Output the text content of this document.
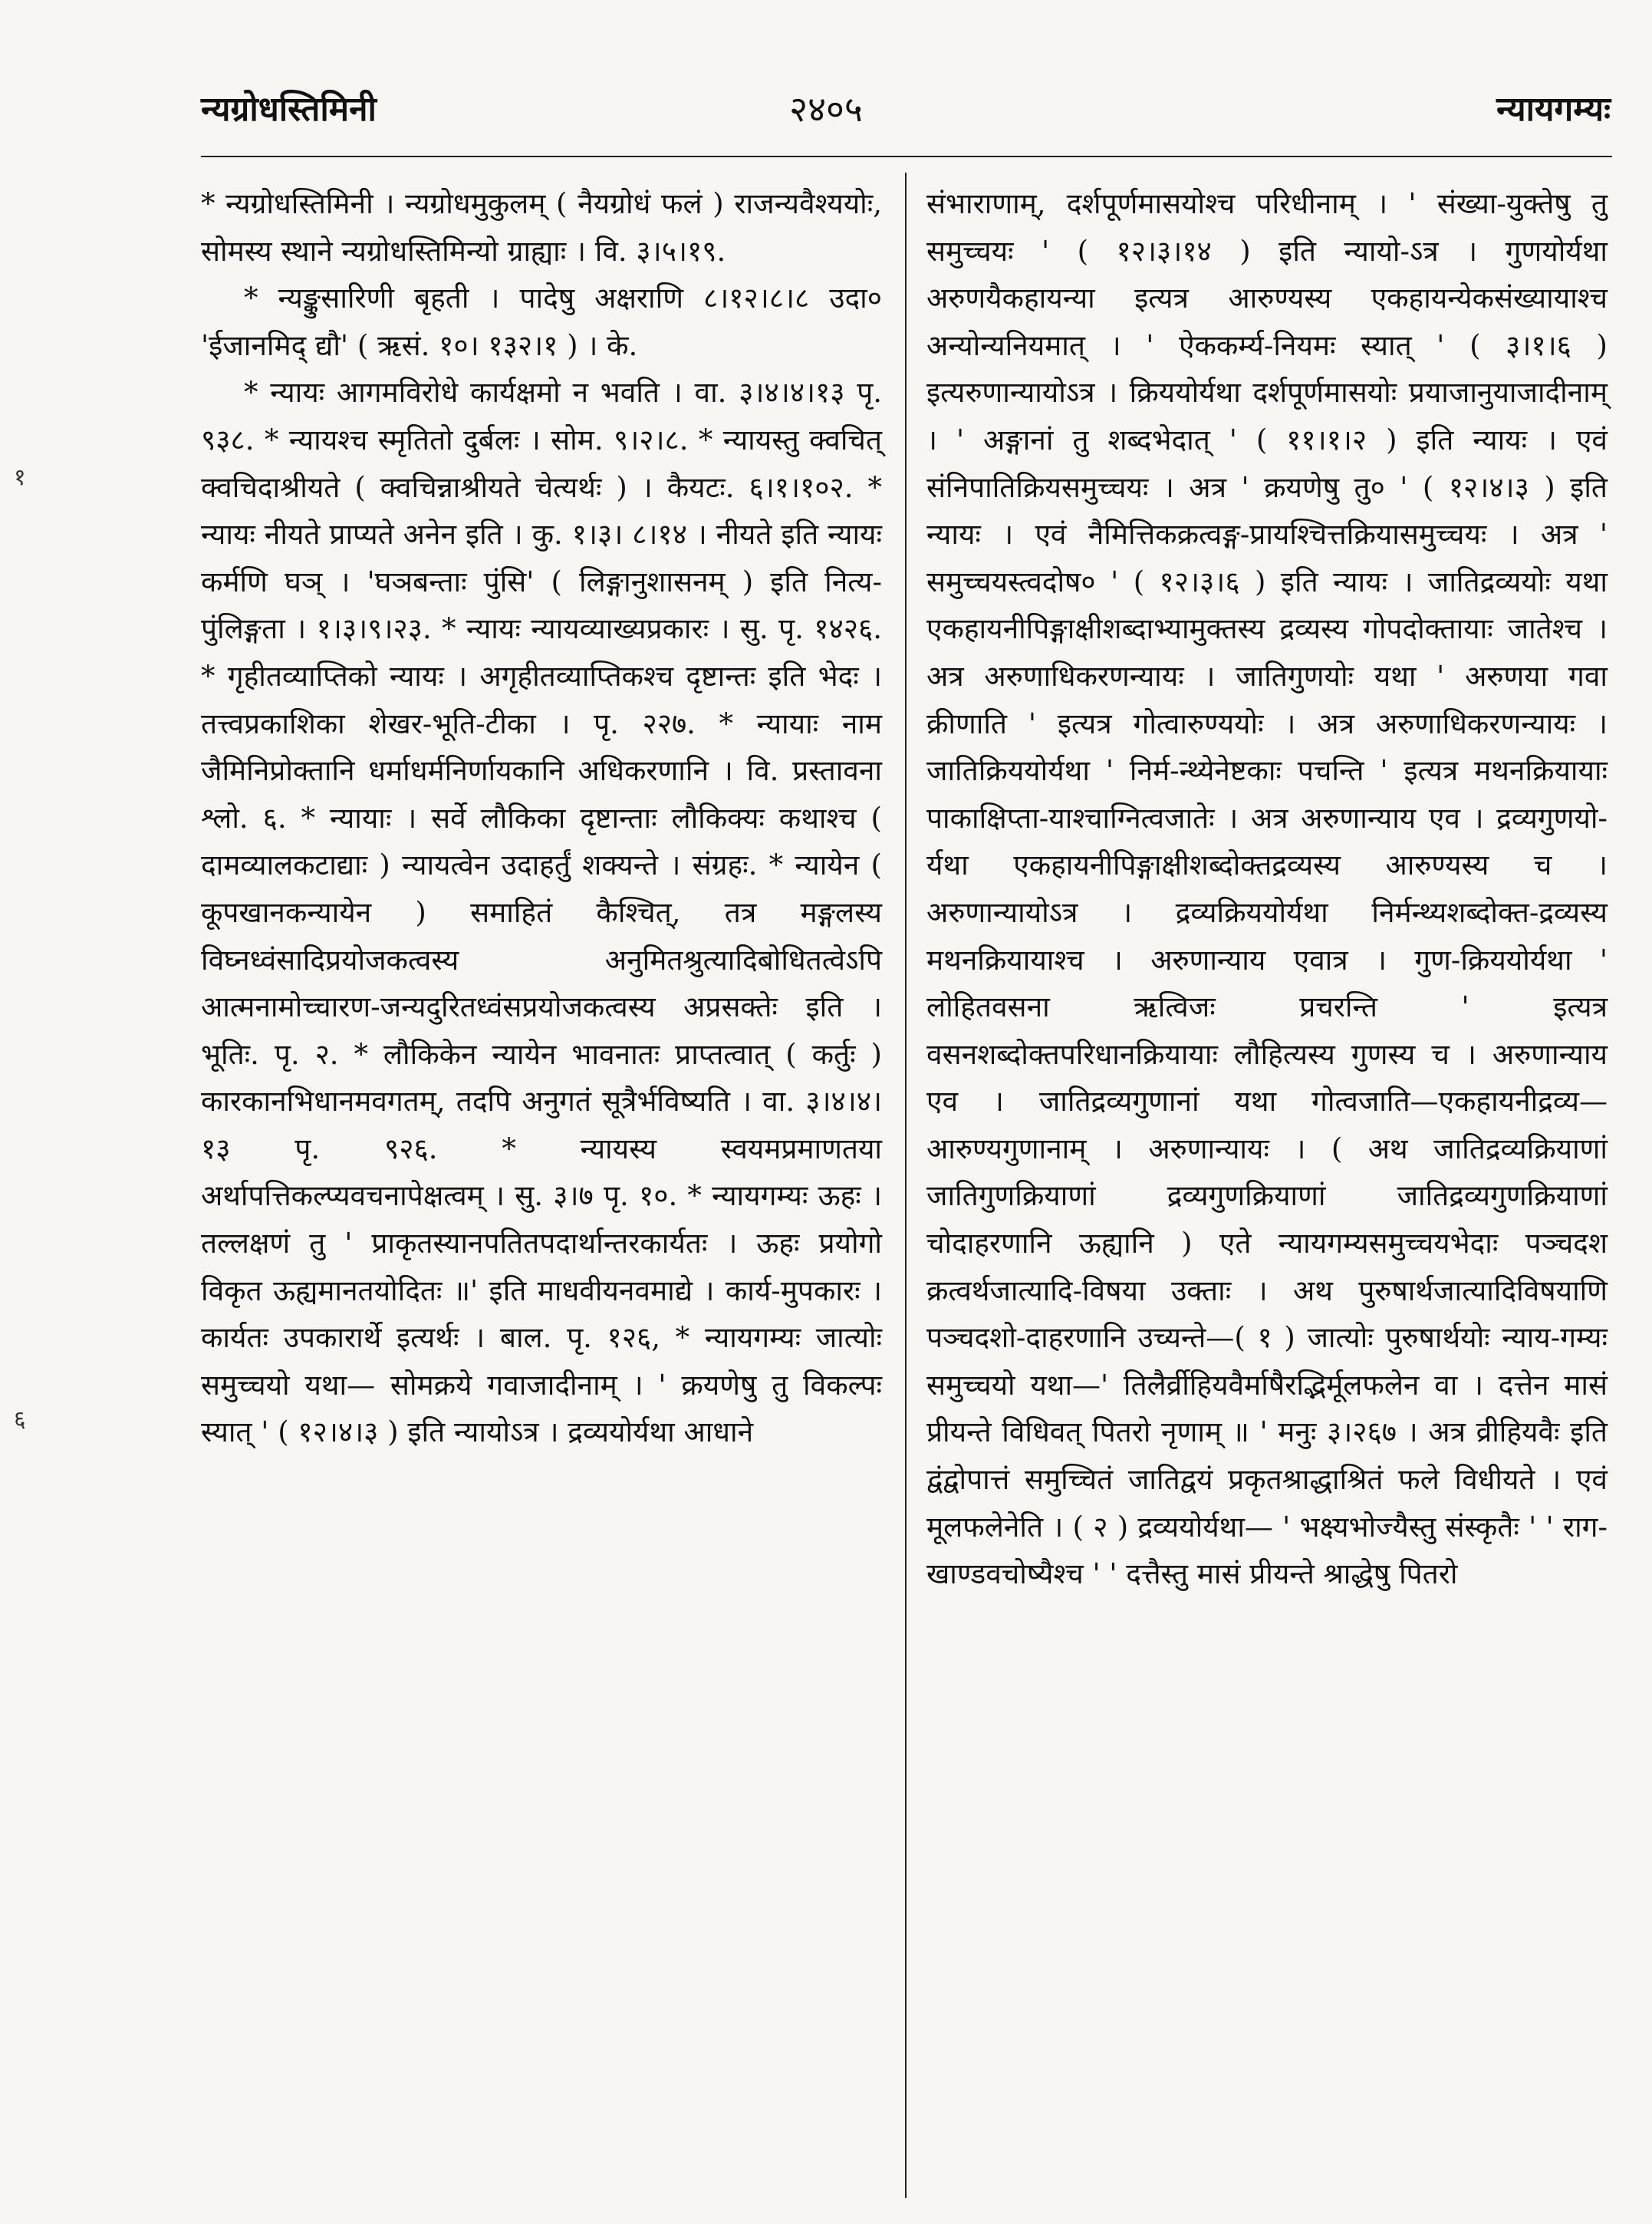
न्यग्रोधस्तिमिनी	२४०५	न्यायगम्यः
१
६

* न्यग्रोधस्तिमिनी । न्यग्रोधमुकुलम् ( नैयग्रोधं फलं ) राजन्यवैश्ययोः, सोमस्य स्थाने न्यग्रोधस्तिमिन्यो ग्राह्याः । वि. ३।५।१९.

* न्यङ्कुसारिणी बृहती । पादेषु अक्षराणि ८।१२।८।८ उदा० 'ईजानमिद् द्यौ' ( ऋसं. १०। १३२।१ ) । के.

* न्यायः आगमविरोधे कार्यक्षमो न भवति । वा. ३।४।४।१३ पृ. ९३८. * न्यायश्च स्मृतितो दुर्बलः । सोम. ९।२।८. * न्यायस्तु क्वचित् क्वचिदाश्रीयते ( क्वचिन्नाश्रीयते चेत्यर्थः ) । कैयटः. ६।१।१०२. * न्यायः नीयते प्राप्यते अनेन इति । कु. १।३। ८।१४ । नीयते इति न्यायः कर्मणि घञ् । 'घञबन्ताः पुंसि' ( लिङ्गानुशासनम् ) इति नित्य-पुंलिङ्गता । १।३।९।२३. * न्यायः न्यायव्याख्यप्रकारः । सु. पृ. १४२६. * गृहीतव्याप्तिको न्यायः । अगृहीतव्याप्तिकश्च दृष्टान्तः इति भेदः । तत्त्वप्रकाशिका शेखर-भूति-टीका । पृ. २२७. * न्यायाः नाम जैमिनिप्रोक्तानि धर्माधर्मनिर्णायकानि अधिकरणानि । वि. प्रस्तावना श्लो. ६. * न्यायाः । सर्वे लौकिका दृष्टान्ताः लौकिक्यः कथाश्च ( दामव्यालकटाद्याः ) न्यायत्वेन उदाहर्तुं शक्यन्ते । संग्रहः. * न्यायेन ( कूपखानकन्यायेन ) समाहितं कैश्चित्, तत्र मङ्गलस्य विघ्नध्वंसादिप्रयोजकत्वस्य अनुमितश्रुत्यादिबोधितत्वेऽपि आत्मनामोच्चारण-जन्यदुरितध्वंसप्रयोजकत्वस्य अप्रसक्तेः इति । भूतिः. पृ. २. * लौकिकेन न्यायेन भावनातः प्राप्तत्वात् ( कर्तुः ) कारकानभिधानमवगतम्, तदपि अनुगतं सूत्रैर्भविष्यति । वा. ३।४।४।१३ पृ. ९२६. * न्यायस्य स्वयमप्रमाणतया अर्थापत्तिकल्प्यवचनापेक्षत्वम् । सु. ३।७ पृ. १०. * न्यायगम्यः ऊहः । तल्लक्षणं तु ' प्राकृतस्यानपतितपदार्थान्तरकार्यतः । ऊहः प्रयोगो विकृत ऊह्यमानतयोदितः ॥' इति माधवीयनवमाद्ये । कार्य-मुपकारः । कार्यतः उपकारार्थे इत्यर्थः । बाल. पृ. १२६, * न्यायगम्यः जात्योः समुच्चयो यथा— सोमक्रये गवाजादीनाम् । ' क्रयणेषु तु विकल्पः स्यात् ' ( १२।४।३ ) इति न्यायोऽत्र । द्रव्ययोर्यथा आधाने

संभाराणाम्, दर्शपूर्णमासयोश्च परिधीनाम् । ' संख्या-युक्तेषु तु समुच्चयः ' ( १२।३।१४ ) इति न्यायो-ऽत्र । गुणयोर्यथा अरुणयैकहायन्या इत्यत्र आरुण्यस्य एकहायन्येकसंख्यायाश्च अन्योन्यनियमात् । ' ऐककर्म्य-नियमः स्यात् ' ( ३।१।६ ) इत्यरुणान्यायोऽत्र । क्रिययोर्यथा दर्शपूर्णमासयोः प्रयाजानुयाजादीनाम् । ' अङ्गानां तु शब्दभेदात् ' ( ११।१।२ ) इति न्यायः । एवं संनिपातिक्रियसमुच्चयः । अत्र ' क्रयणेषु तु० ' ( १२।४।३ ) इति न्यायः । एवं नैमित्तिकक्रत्वङ्ग-प्रायश्चित्तक्रियासमुच्चयः । अत्र ' समुच्चयस्त्वदोष० ' ( १२।३।६ ) इति न्यायः । जातिद्रव्ययोः यथा एकहायनीपिङ्गाक्षीशब्दाभ्यामुक्तस्य द्रव्यस्य गोपदोक्तायाः जातेश्च । अत्र अरुणाधिकरणन्यायः । जातिगुणयोः यथा ' अरुणया गवा क्रीणाति ' इत्यत्र गोत्वारुण्ययोः । अत्र अरुणाधिकरणन्यायः । जातिक्रिययोर्यथा ' निर्म-न्थ्येनेष्टकाः पचन्ति ' इत्यत्र मथनक्रियायाः पाकाक्षिप्ता-याश्चाग्नित्वजातेः । अत्र अरुणान्याय एव । द्रव्यगुणयो-र्यथा एकहायनीपिङ्गाक्षीशब्दोक्तद्रव्यस्य आरुण्यस्य च । अरुणान्यायोऽत्र । द्रव्यक्रिययोर्यथा निर्मन्थ्यशब्दोक्त-द्रव्यस्य मथनक्रियायाश्च । अरुणान्याय एवात्र । गुण-क्रिययोर्यथा ' लोहितवसना ऋत्विजः प्रचरन्ति ' इत्यत्र वसनशब्दोक्तपरिधानक्रियायाः लौहित्यस्य गुणस्य च । अरुणान्याय एव । जातिद्रव्यगुणानां यथा गोत्वजाति—एकहायनीद्रव्य—आरुण्यगुणानाम् । अरुणान्यायः । ( अथ जातिद्रव्यक्रियाणां जातिगुणक्रियाणां द्रव्यगुणक्रियाणां जातिद्रव्यगुणक्रियाणां चोदाहरणानि ऊह्यानि ) एते न्यायगम्यसमुच्चयभेदाः पञ्चदश क्रत्वर्थजात्यादि-विषया उक्ताः । अथ पुरुषार्थजात्यादिविषयाणि पञ्चदशो-दाहरणानि उच्यन्ते—( १ ) जात्योः पुरुषार्थयोः न्याय-गम्यः समुच्चयो यथा—' तिलैर्व्रीहियवैर्माषैरद्भिर्मूलफलेन वा । दत्तेन मासं प्रीयन्ते विधिवत् पितरो नृणाम् ॥ ' मनुः ३।२६७ । अत्र व्रीहियवैः इति द्वंद्वोपात्तं समुच्चितं जातिद्वयं प्रकृतश्राद्धाश्रितं फले विधीयते । एवं मूलफलेनेति । ( २ ) द्रव्ययोर्यथा— ' भक्ष्यभोज्यैस्तु संस्कृतैः ' ' राग-खाण्डवचोष्यैश्च ' ' दत्तैस्तु मासं प्रीयन्ते श्राद्धेषु पितरो
